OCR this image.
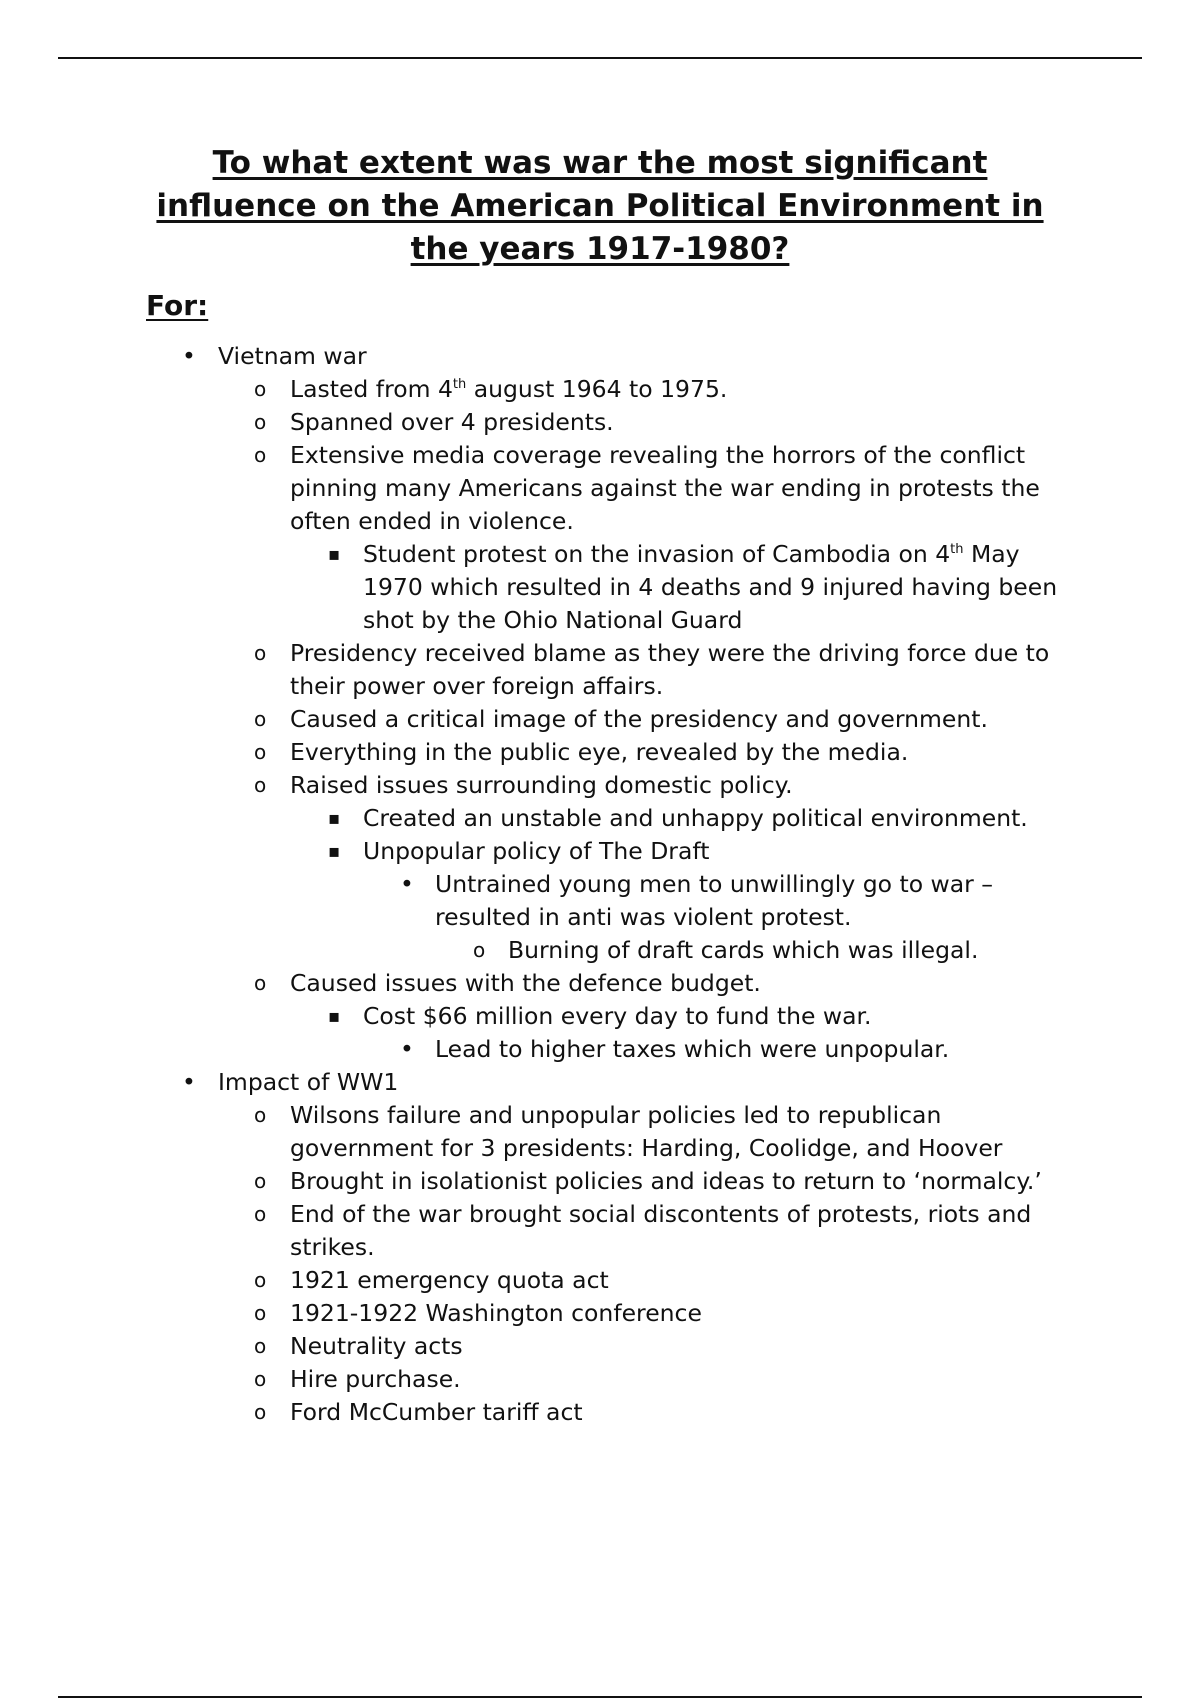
To what extent was war the most significant influence on the American Political Environment in the years 1917-1980?
For:
• Vietnam war
o Lasted from 4th august 1964 to 1975.
o Spanned over 4 presidents.
o Extensive media coverage revealing the horrors of the conflict pinning many Americans against the war ending in protests the often ended in violence.
▪ Student protest on the invasion of Cambodia on 4th May 1970 which resulted in 4 deaths and 9 injured having been shot by the Ohio National Guard
o Presidency received blame as they were the driving force due to their power over foreign affairs.
o Caused a critical image of the presidency and government.
o Everything in the public eye, revealed by the media.
o Raised issues surrounding domestic policy.
▪ Created an unstable and unhappy political environment.
▪ Unpopular policy of The Draft
• Untrained young men to unwillingly go to war – resulted in anti was violent protest.
o Burning of draft cards which was illegal.
o Caused issues with the defence budget.
▪ Cost $66 million every day to fund the war.
• Lead to higher taxes which were unpopular.
• Impact of WW1
o Wilsons failure and unpopular policies led to republican government for 3 presidents: Harding, Coolidge, and Hoover
o Brought in isolationist policies and ideas to return to ‘normalcy.’
o End of the war brought social discontents of protests, riots and strikes.
o 1921 emergency quota act
o 1921-1922 Washington conference
o Neutrality acts
o Hire purchase.
o Ford McCumber tariff act
